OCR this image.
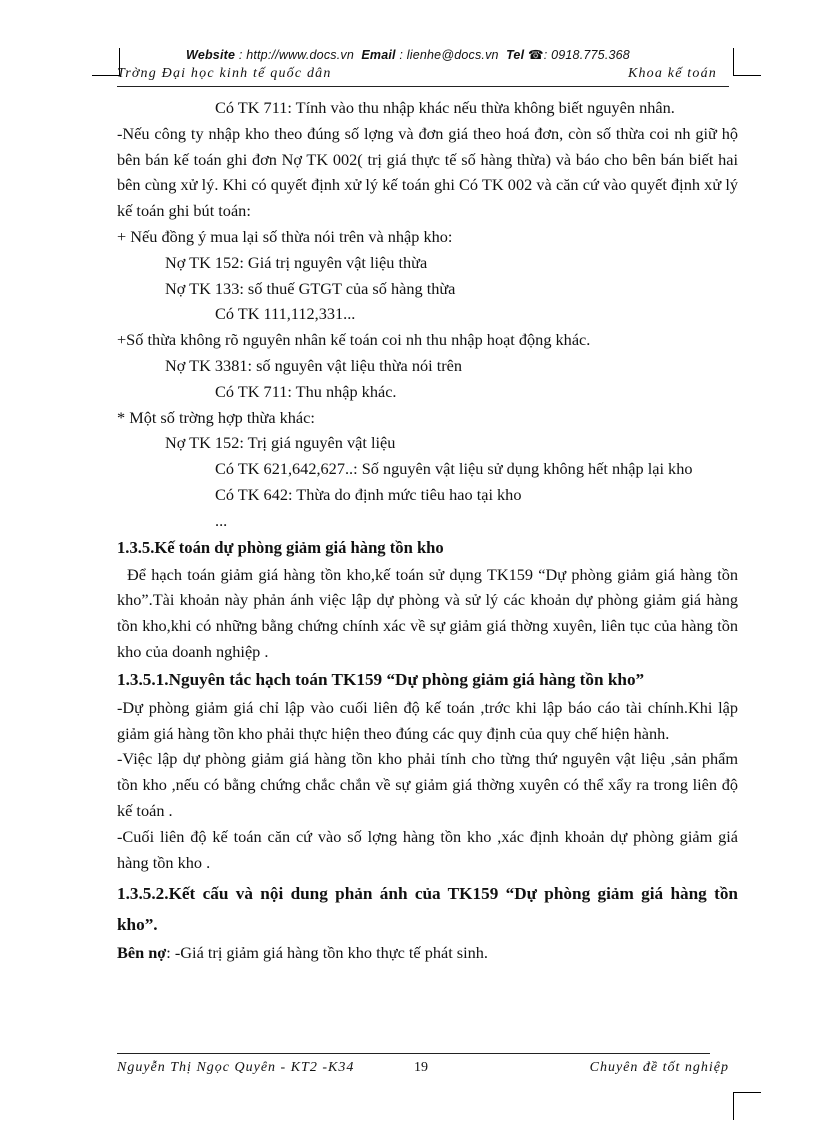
Website : http://www.docs.vn Email : lienhe@docs.vn Tel ☎: 0918.775.368
Trờng Đại học kinh tế quốc dân	Khoa kế toán

Có TK 711: Tính vào thu nhập khác nếu thừa không biết nguyên nhân.

-Nếu công ty nhập kho theo đúng số lợng và đơn giá theo hoá đơn, còn số thừa coi nh giữ hộ bên bán kế toán ghi đơn Nợ TK 002( trị giá thực tế số hàng thừa) và báo cho bên bán biết hai bên cùng xử lý. Khi có quyết định xử lý kế toán ghi Có TK 002 và căn cứ vào quyết định xử lý kế toán ghi bút toán:

+ Nếu đồng ý mua lại số thừa nói trên và nhập kho:

Nợ TK 152: Giá trị nguyên vật liệu thừa

Nợ TK 133: số thuế GTGT của số hàng thừa

Có TK 111,112,331...

+Số thừa không rõ nguyên nhân kế toán coi nh thu nhập hoạt động khác.

Nợ TK 3381: số nguyên vật liệu thừa nói trên

Có TK 711: Thu nhập khác.

* Một số trờng hợp thừa khác:

Nợ TK 152: Trị giá nguyên vật liệu

Có TK 621,642,627..: Số nguyên vật liệu sử dụng không hết nhập lại kho

Có TK 642: Thừa do định mức tiêu hao tại kho

...

1.3.5.Kế toán dự phòng giảm giá hàng tồn kho

Để hạch toán giảm giá hàng tồn kho,kế toán sử dụng TK159 “Dự phòng giảm giá hàng tồn kho”.Tài khoản này phản ánh việc lập dự phòng và sử lý các khoản dự phòng giảm giá hàng tồn kho,khi có những bằng chứng chính xác về sự giảm giá thờng xuyên, liên tục của hàng tồn kho của doanh nghiệp .

1.3.5.1.Nguyên tắc hạch toán TK159 “Dự phòng giảm giá hàng tồn kho”

-Dự phòng giảm giá chỉ lập vào cuối liên độ kế toán ,trớc khi lập báo cáo tài chính.Khi lập giảm giá hàng tồn kho phải thực hiện theo đúng các quy định của quy chế hiện hành.

-Việc lập dự phòng giảm giá hàng tồn kho phải tính cho từng thứ nguyên vật liệu ,sản phẩm tồn kho ,nếu có bằng chứng chắc chắn về sự giảm giá thờng xuyên có thể xẩy ra trong liên độ kế toán .

-Cuối liên độ kế toán căn cứ vào số lợng hàng tồn kho ,xác định khoản dự phòng giảm giá hàng tồn kho .

1.3.5.2.Kết cấu và nội dung phản ánh của TK159 “Dự phòng giảm giá hàng tồn kho”.

Bên nợ: -Giá trị giảm giá hàng tồn kho thực tế phát sinh.

Nguyễn Thị Ngọc Quyên - KT2 -K34	19	Chuyên đề tốt nghiệp
